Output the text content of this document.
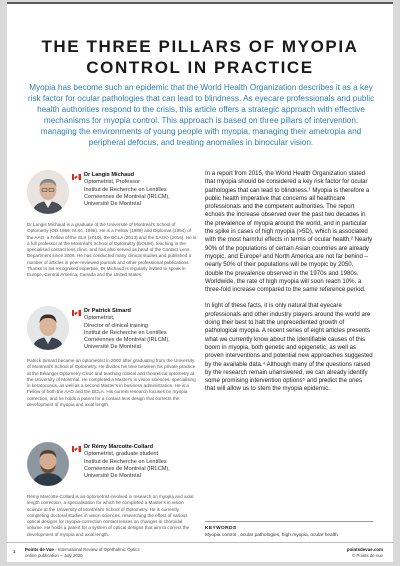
THE THREE PILLARS OF MYOPIA CONTROL IN PRACTICE

Myopia has become such an epidemic that the World Health Organization describes it as a key risk factor for ocular pathologies that can lead to blindness. As eyecare professionals and public health authorities respond to the crisis, this article offers a strategic approach with effective mechanisms for myopia control. This approach is based on three pillars of intervention: managing the environments of young people with myopia, managing their ametropia and peripheral defocus, and treating anomalies in binocular vision.

Dr Langis Michaud
Optometrist, Professor
Institut de Recherche en Lentilles
Cornéennes de Montréal (IRLCM),
Université De Montréal

Dr Langis Michaud is a graduate of the Université of Montreal's School of Optometry (OD 1986, M.Sc. 1998). He is a Fellow (1989) and Diplomat (1994) of the AAO, a Fellow of the SLS (2010), the BCLA (2013) and the EAOO (2016). He is a full professor at the Montréal's School of Optometry (ÉOUM), teaching in the specialised contact lens clinic, and has also served as head of the Contact Lens Department since 2006. He has conducted many clinical studies and published a number of articles in peer-reviewed journals and other professional publications. Thanks to his recognised expertise, Dr Michaud is regularly invited to speak in Europe, Central America, Canada and the United States.

Dr Patrick Simard
Optometrist,
Director of clinical training
Institut de Recherche en Lentilles
Cornéennes de Montréal (IRLCM),
Université De Montréal

Patrick Simard became an optometrist in 2002 after graduating from the University of Montreal's School of Optometry. He divides his time between his private practice at the Bélanger Optometry Clinic and teaching clinical and theoretical optometry at the University of Montréal. He completed a Master's in vision sciences, specialising in keratoconus, as well as a second Master's in business administration. He is a Fellow of both the AAO and the BCLA. His current research focuses on myopia correction, and he holds a patent for a contact lens design that corrects the development of myopia and axial length.

Dr Rémy Marcotte-Collard
Optometrist, graduate student
Institut de Recherche en Lentilles
Cornéennes de Montréal (IRLCM),
Université De Montréal

Rémy Marcotte-Collard is an optometrist involved in research on myopia and axial length correction, a specialisation for which he completed a Master's in vision science at the University of Montréal's School of Optometry. He is currently completing doctoral studies in vision sciences, researching the effect of various optical designs for myopia-correction contact lenses on changes in choroidal volume. He holds a patent for a system of optical designs that aim to correct the development of myopia and axial length.

In a report from 2015, the World Health Organization stated that myopia should be considered a key risk factor for ocular pathologies that can lead to blindness.¹ Myopia is therefore a public health imperative that concerns all healthcare professionals and the competent authorities. The report echoes the increase observed over the past two decades in the prevalence of myopia around the world, and in particular the spike in cases of high myopia (>5D), which is associated with the most harmful effects in terms of ocular health.² Nearly 90% of the populations of certain Asian countries are already myopic, and Europe³ and North America are not far behind – nearly 50% of their populations will be myopic by 2050, double the prevalence observed in the 1970s and 1980s. Worldwide, the rate of high myopia will soon reach 10%, a three-fold increase compared to the same reference period.

In light of these facts, it is only natural that eyecare professionals and other industry players around the world are doing their best to halt the unprecedented growth of pathological myopia. A recent series of eight articles presents what we currently know about the identifiable causes of this boom in myopia, both genetic and epigenetic, as well as proven interventions and potential new approaches suggested by the available data.⁴ Although many of the questions raised by the research remain unanswered, we can already identify some promising intervention options⁵ and predict the ones that will allow us to stem the myopia epidemic.

KEYWORDS
Myopia control , ocular pathologies, high myopia, ocular health
1 Points de Vue - International Review of Ophthalmic Optics
online publication – July 2020
pointsdevue.com
© Points de vue
